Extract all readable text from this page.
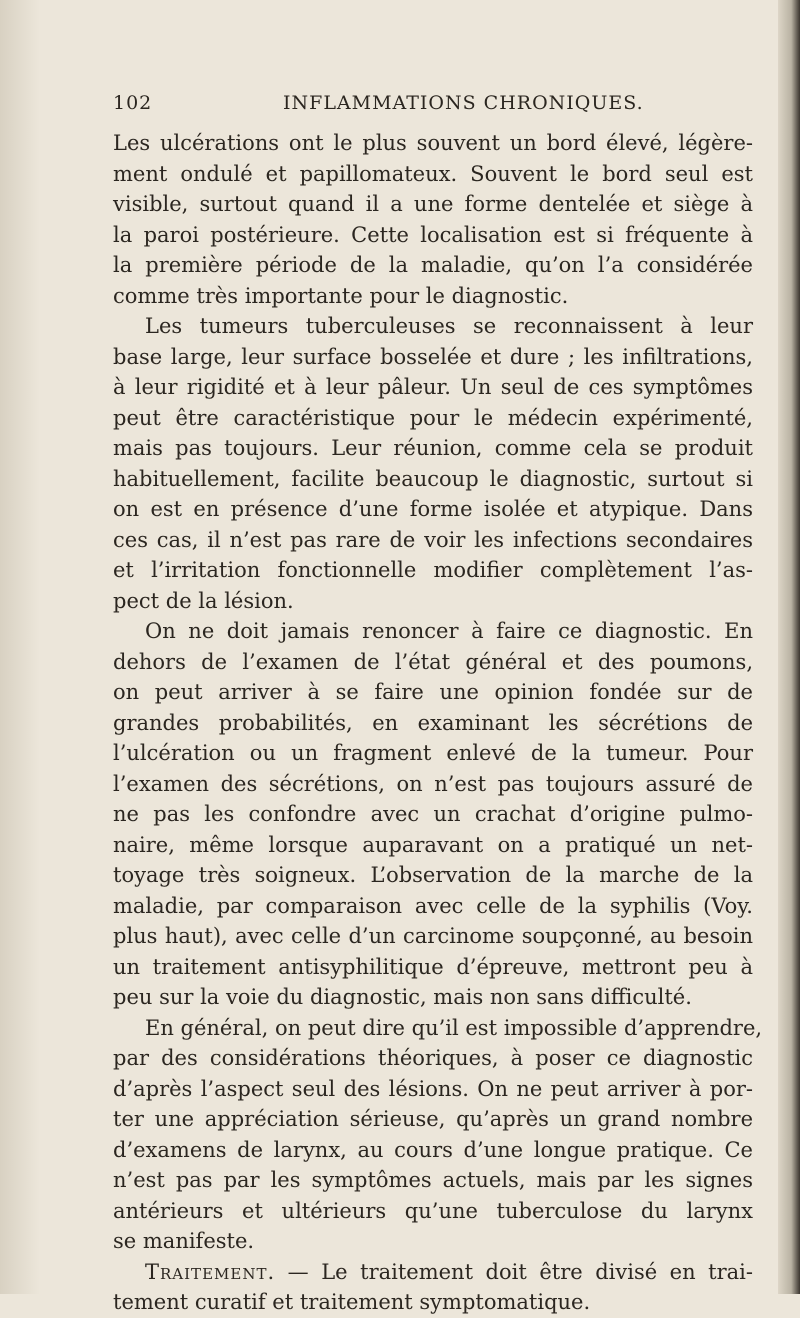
102	INFLAMMATIONS CHRONIQUES.
Les ulcérations ont le plus souvent un bord élevé, légère-
ment ondulé et papillomateux. Souvent le bord seul est
visible, surtout quand il a une forme dentelée et siège à
la paroi postérieure. Cette localisation est si fréquente à
la première période de la maladie, qu’on l’a considérée
comme très importante pour le diagnostic.
Les tumeurs tuberculeuses se reconnaissent à leur
base large, leur surface bosselée et dure ; les infiltrations,
à leur rigidité et à leur pâleur. Un seul de ces symptômes
peut être caractéristique pour le médecin expérimenté,
mais pas toujours. Leur réunion, comme cela se produit
habituellement, facilite beaucoup le diagnostic, surtout si
on est en présence d’une forme isolée et atypique. Dans
ces cas, il n’est pas rare de voir les infections secondaires
et l’irritation fonctionnelle modifier complètement l’as-
pect de la lésion.
On ne doit jamais renoncer à faire ce diagnostic. En
dehors de l’examen de l’état général et des poumons,
on peut arriver à se faire une opinion fondée sur de
grandes probabilités, en examinant les sécrétions de
l’ulcération ou un fragment enlevé de la tumeur. Pour
l’examen des sécrétions, on n’est pas toujours assuré de
ne pas les confondre avec un crachat d’origine pulmo-
naire, même lorsque auparavant on a pratiqué un net-
toyage très soigneux. L’observation de la marche de la
maladie, par comparaison avec celle de la syphilis (Voy.
plus haut), avec celle d’un carcinome soupçonné, au besoin
un traitement antisyphilitique d’épreuve, mettront peu à
peu sur la voie du diagnostic, mais non sans difficulté.
En général, on peut dire qu’il est impossible d’apprendre,
par des considérations théoriques, à poser ce diagnostic
d’après l’aspect seul des lésions. On ne peut arriver à por-
ter une appréciation sérieuse, qu’après un grand nombre
d’examens de larynx, au cours d’une longue pratique. Ce
n’est pas par les symptômes actuels, mais par les signes
antérieurs et ultérieurs qu’une tuberculose du larynx
se manifeste.
Traitement. — Le traitement doit être divisé en trai-
tement curatif et traitement symptomatique.
